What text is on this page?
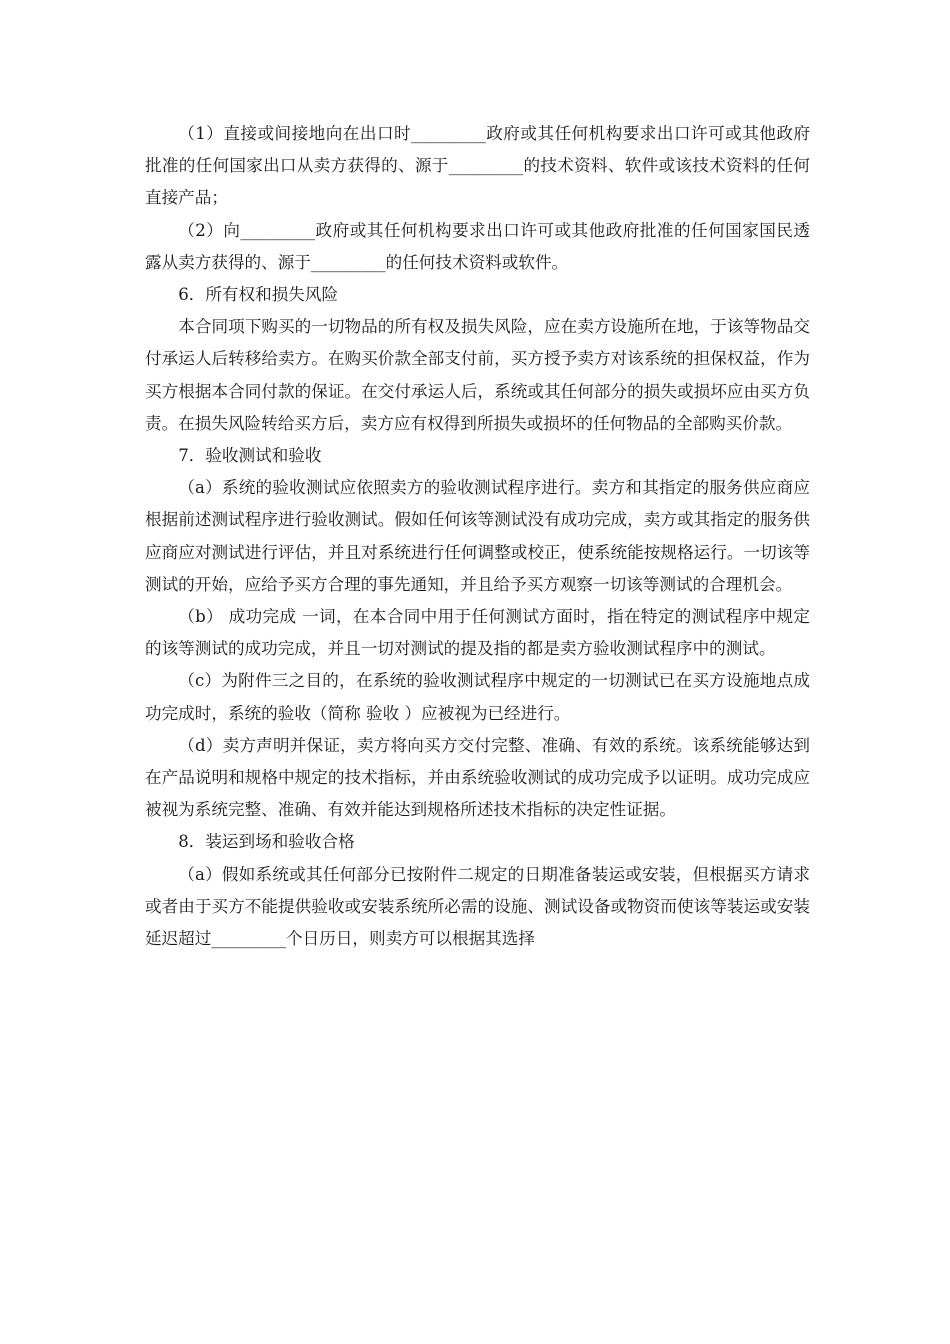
（1）直接或间接地向在出口时_________政府或其任何机构要求出口许可或其他政府批准的任何国家出口从卖方获得的、源于_________的技术资料、软件或该技术资料的任何直接产品；

（2）向_________政府或其任何机构要求出口许可或其他政府批准的任何国家国民透露从卖方获得的、源于_________的任何技术资料或软件。

6．所有权和损失风险

本合同项下购买的一切物品的所有权及损失风险，应在卖方设施所在地，于该等物品交付承运人后转移给卖方。在购买价款全部支付前，买方授予卖方对该系统的担保权益，作为买方根据本合同付款的保证。在交付承运人后，系统或其任何部分的损失或损坏应由买方负责。在损失风险转给买方后，卖方应有权得到所损失或损坏的任何物品的全部购买价款。

7．验收测试和验收

（a）系统的验收测试应依照卖方的验收测试程序进行。卖方和其指定的服务供应商应根据前述测试程序进行验收测试。假如任何该等测试没有成功完成，卖方或其指定的服务供应商应对测试进行评估，并且对系统进行任何调整或校正，使系统能按规格运行。一切该等测试的开始，应给予买方合理的事先通知，并且给予买方观察一切该等测试的合理机会。

（b） 成功完成 一词，在本合同中用于任何测试方面时，指在特定的测试程序中规定的该等测试的成功完成，并且一切对测试的提及指的都是卖方验收测试程序中的测试。

（c）为附件三之目的，在系统的验收测试程序中规定的一切测试已在买方设施地点成功完成时，系统的验收（简称 验收 ）应被视为已经进行。

（d）卖方声明并保证，卖方将向买方交付完整、准确、有效的系统。该系统能够达到在产品说明和规格中规定的技术指标，并由系统验收测试的成功完成予以证明。成功完成应被视为系统完整、准确、有效并能达到规格所述技术指标的决定性证据。

8．装运到场和验收合格

（a）假如系统或其任何部分已按附件二规定的日期准备装运或安装，但根据买方请求或者由于买方不能提供验收或安装系统所必需的设施、测试设备或物资而使该等装运或安装延迟超过_________个日历日，则卖方可以根据其选择
